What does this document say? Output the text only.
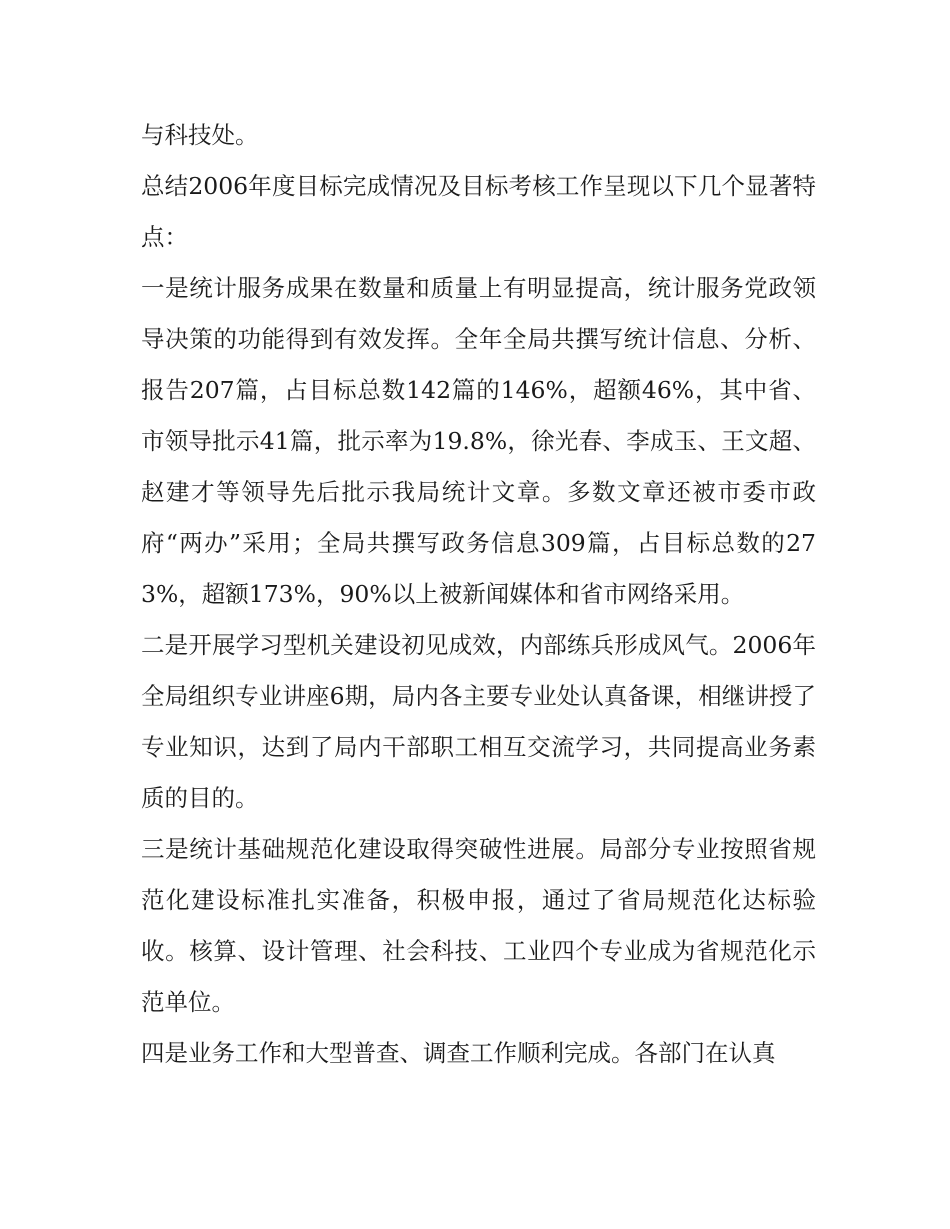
与科技处。

总结2006年度目标完成情况及目标考核工作呈现以下几个显著特点：

一是统计服务成果在数量和质量上有明显提高，统计服务党政领导决策的功能得到有效发挥。全年全局共撰写统计信息、分析、报告207篇，占目标总数142篇的146%，超额46%，其中省、市领导批示41篇，批示率为19.8%，徐光春、李成玉、王文超、赵建才等领导先后批示我局统计文章。多数文章还被市委市政府“两办”采用；全局共撰写政务信息309篇，占目标总数的273%，超额173%，90%以上被新闻媒体和省市网络采用。

二是开展学习型机关建设初见成效，内部练兵形成风气。2006年全局组织专业讲座6期，局内各主要专业处认真备课，相继讲授了专业知识，达到了局内干部职工相互交流学习，共同提高业务素质的目的。

三是统计基础规范化建设取得突破性进展。局部分专业按照省规范化建设标准扎实准备，积极申报，通过了省局规范化达标验收。核算、设计管理、社会科技、工业四个专业成为省规范化示范单位。

四是业务工作和大型普查、调查工作顺利完成。各部门在认真
